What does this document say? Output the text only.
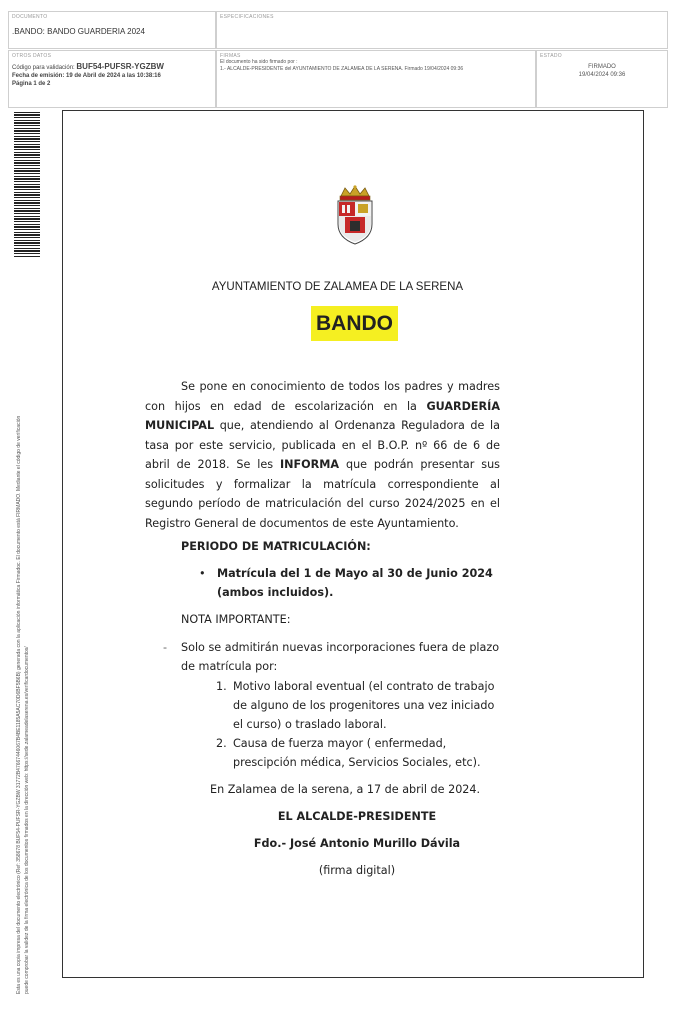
DOCUMENTO
.BANDO: BANDO GUARDERIA 2024
ESPECIFICACIONES
OTROS DATOS
Código para validación: BUF54-PUFSR-YGZBW
Fecha de emisión: 19 de Abril de 2024 a las 10:38:16
Página 1 de 2
FIRMAS
El documento ha sido firmado por :
1.- ALCALDE-PRESIDENTE del AYUNTAMIENTO DE ZALAMEA DE LA SERENA. Firmado 19/04/2024 09:36
ESTADO
FIRMADO
19/04/2024 09:36
Esta es una copia impresa del documento electrónico (Ref: 358678 BUF54-PUFSR-YGZBW 31772B47667446067B4BE1185A5AC70D6BF5B6B) generada con la aplicación informática Firmadoc. El documento está FIRMADO. Mediante el código de verificación puede comprobar la validez de la firma electrónica de los documentos firmados en la dirección web: https://sede.zalameadelaserena.es/verificardocumentos/
AYUNTAMIENTO DE ZALAMEA DE LA SERENA
BANDO
Se pone en conocimiento de todos los padres y madres con hijos en edad de escolarización en la GUARDERÍA MUNICIPAL que, atendiendo al Ordenanza Reguladora de la tasa por este servicio, publicada en el B.O.P. nº 66 de 6 de abril de 2018. Se les INFORMA que podrán presentar sus solicitudes y formalizar la matrícula correspondiente al segundo período de matriculación del curso 2024/2025 en el Registro General de documentos de este Ayuntamiento.
PERIODO DE MATRICULACIÓN:
• Matrícula del 1 de Mayo al 30 de Junio 2024
(ambos incluidos).
NOTA IMPORTANTE:
- Solo se admitirán nuevas incorporaciones fuera de plazo
de matrícula por:
1. Motivo laboral eventual (el contrato de trabajo
de alguno de los progenitores una vez iniciado
el curso) o traslado laboral.
2. Causa de fuerza mayor ( enfermedad,
prescipción médica, Servicios Sociales, etc).
En Zalamea de la serena, a 17 de abril de 2024.
EL ALCALDE-PRESIDENTE
Fdo.- José Antonio Murillo Dávila
(firma digital)
